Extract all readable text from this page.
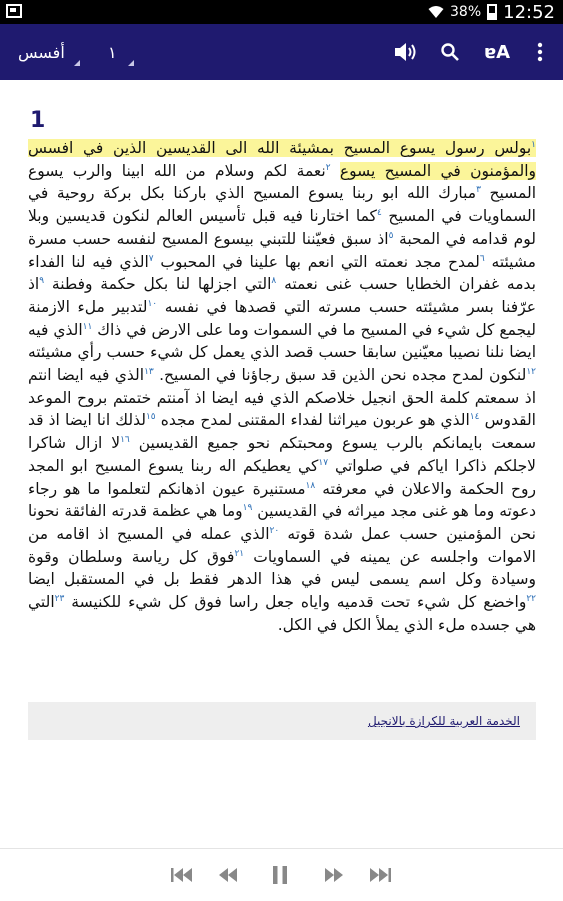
38% 12:52
أفسس	١	ɐA
1
$^١$بولس رسول يسوع المسيح بمشيئة الله الى القديسين الذين في افسس والمؤمنون في المسيح يسوع $^٢$نعمة لكم وسلام من الله ابينا والرب يسوع المسيح $^٣$مبارك الله ابو ربنا يسوع المسيح الذي باركنا بكل بركة روحية في السماويات في المسيح $^٤$كما اختارنا فيه قبل تأسيس العالم لنكون قديسين وبلا لوم قدامه في المحبة $^٥$اذ سبق فعيّننا للتبني بيسوع المسيح لنفسه حسب مسرة مشيئته $^٦$لمدح مجد نعمته التي انعم بها علينا في المحبوب $^٧$الذي فيه لنا الفداء بدمه غفران الخطايا حسب غنى نعمته $^٨$التي اجزلها لنا بكل حكمة وفطنة $^٩$اذ عرّفنا بسر مشيئته حسب مسرته التي قصدها في نفسه $^{١٠}$لتدبير ملء الازمنة ليجمع كل شيء في المسيح ما في السموات وما على الارض في ذاك $^{١١}$الذي فيه ايضا نلنا نصيبا معيّنين سابقا حسب قصد الذي يعمل كل شيء حسب رأي مشيئته $^{١٢}$لنكون لمدح مجده نحن الذين قد سبق رجاؤنا في المسيح. $^{١٣}$الذي فيه ايضا انتم اذ سمعتم كلمة الحق انجيل خلاصكم الذي فيه ايضا اذ آمنتم ختمتم بروح الموعد القدوس $^{١٤}$الذي هو عربون ميراثنا لفداء المقتنى لمدح مجده $^{١٥}$لذلك انا ايضا اذ قد سمعت بايمانكم بالرب يسوع ومحبتكم نحو جميع القديسين $^{١٦}$لا ازال شاكرا لاجلكم ذاكرا اياكم في صلواتي $^{١٧}$كي يعطيكم اله ربنا يسوع المسيح ابو المجد روح الحكمة والاعلان في معرفته $^{١٨}$مستنيرة عيون اذهانكم لتعلموا ما هو رجاء دعوته وما هو غنى مجد ميراثه في القديسين $^{١٩}$وما هي عظمة قدرته الفائقة نحونا نحن المؤمنين حسب عمل شدة قوته $^{٢٠}$الذي عمله في المسيح اذ اقامه من الاموات واجلسه عن يمينه في السماويات $^{٢١}$فوق كل رياسة وسلطان وقوة وسيادة وكل اسم يسمى ليس في هذا الدهر فقط بل في المستقبل ايضا $^{٢٢}$واخضع كل شيء تحت قدميه واياه جعل راسا فوق كل شيء للكنيسة $^{٢٣}$التي هي جسده ملء الذي يملأ الكل في الكل.
الخدمة العربية للكرازة بالانجيل
